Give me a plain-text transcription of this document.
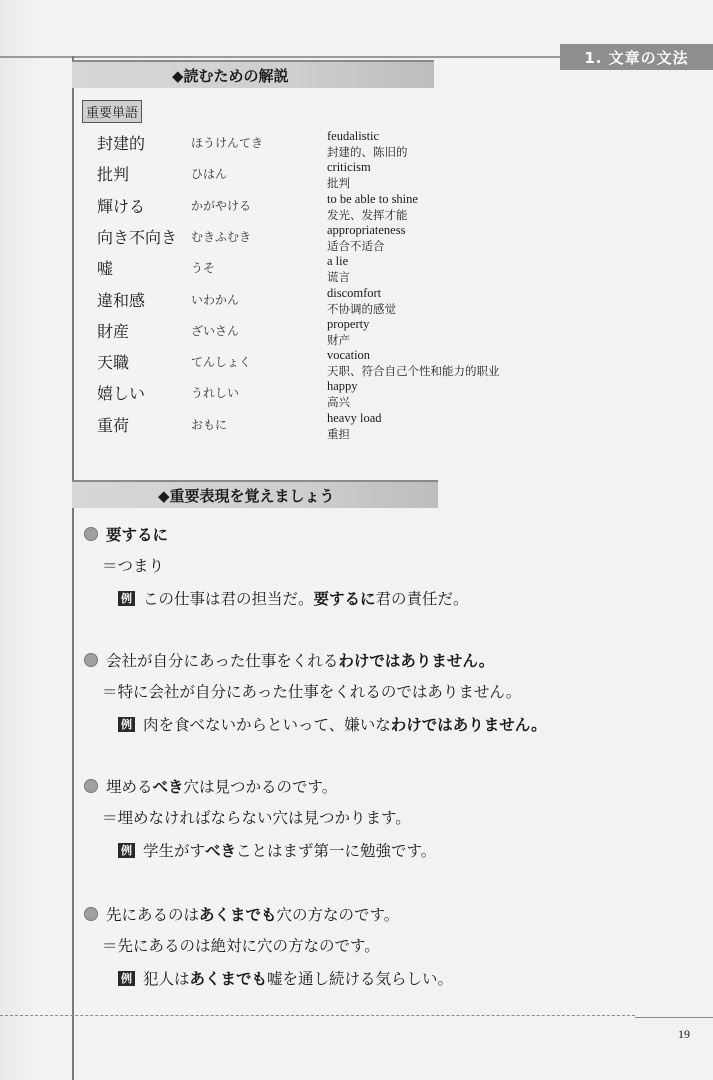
1. 文章の文法
◆読むための解説
重要単語
封建的	ほうけんてき	feudalistic
封建的、陈旧的
批判	ひはん	criticism
批判
輝ける	かがやける	to be able to shine
发光、发挥才能
向き不向き むきふむき	appropriateness
适合不适合
嘘	うそ	a lie
谎言
違和感	いわかん	discomfort
不协调的感觉
財産	ざいさん	property
财产
天職	てんしょく	vocation
天职、符合自己个性和能力的职业
嬉しい	うれしい	happy
高兴
重荷	おもに	heavy load
重担
◆重要表現を覚えましょう
要するに
＝つまり
例 この仕事は君の担当だ。 要するに 君の責任だ。
会社が自分にあった仕事をくれる わけではありません。
＝特に会社が自分にあった仕事をくれるのではありません。
例 肉を食べないからといって、嫌いな わけではありません。
埋める べき 穴は見つかるのです。
＝埋めなければならない穴は見つかります。
例 学生がす べき ことはまず第一に勉強です。
先にあるのは あくまでも 穴の方なのです。
＝先にあるのは絶対に穴の方なのです。
例 犯人は あくまでも 嘘を通し続ける気らしい。
19
